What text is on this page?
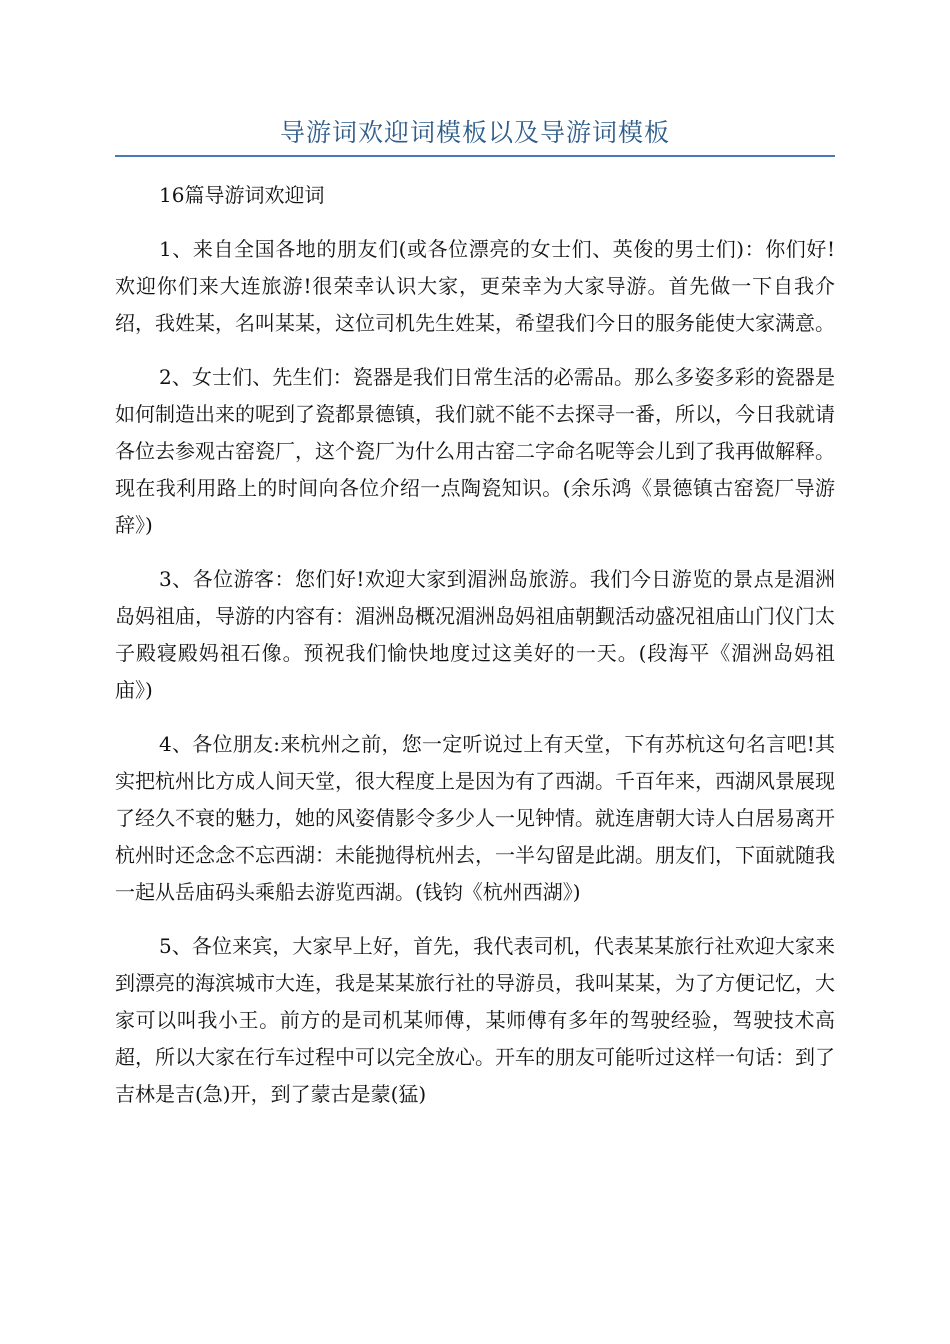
导游词欢迎词模板以及导游词模板

16篇导游词欢迎词

1、来自全国各地的朋友们(或各位漂亮的女士们、英俊的男士们)：你们好!欢迎你们来大连旅游!很荣幸认识大家，更荣幸为大家导游。首先做一下自我介绍，我姓某，名叫某某，这位司机先生姓某，希望我们今日的服务能使大家满意。

2、女士们、先生们：瓷器是我们日常生活的必需品。那么多姿多彩的瓷器是如何制造出来的呢到了瓷都景德镇，我们就不能不去探寻一番，所以，今日我就请各位去参观古窑瓷厂，这个瓷厂为什么用古窑二字命名呢等会儿到了我再做解释。现在我利用路上的时间向各位介绍一点陶瓷知识。(余乐鸿《景德镇古窑瓷厂导游辞》)

3、各位游客：您们好!欢迎大家到湄洲岛旅游。我们今日游览的景点是湄洲岛妈祖庙，导游的内容有：湄洲岛概况湄洲岛妈祖庙朝觐活动盛况祖庙山门仪门太子殿寝殿妈祖石像。预祝我们愉快地度过这美好的一天。(段海平《湄洲岛妈祖庙》)

4、各位朋友:来杭州之前，您一定听说过上有天堂，下有苏杭这句名言吧!其实把杭州比方成人间天堂，很大程度上是因为有了西湖。千百年来，西湖风景展现了经久不衰的魅力，她的风姿倩影令多少人一见钟情。就连唐朝大诗人白居易离开杭州时还念念不忘西湖：未能抛得杭州去，一半勾留是此湖。朋友们，下面就随我一起从岳庙码头乘船去游览西湖。(钱钧《杭州西湖》)

5、各位来宾，大家早上好，首先，我代表司机，代表某某旅行社欢迎大家来到漂亮的海滨城市大连，我是某某旅行社的导游员，我叫某某，为了方便记忆，大家可以叫我小王。前方的是司机某师傅，某师傅有多年的驾驶经验，驾驶技术高超，所以大家在行车过程中可以完全放心。开车的朋友可能听过这样一句话：到了吉林是吉(急)开，到了蒙古是蒙(猛)
